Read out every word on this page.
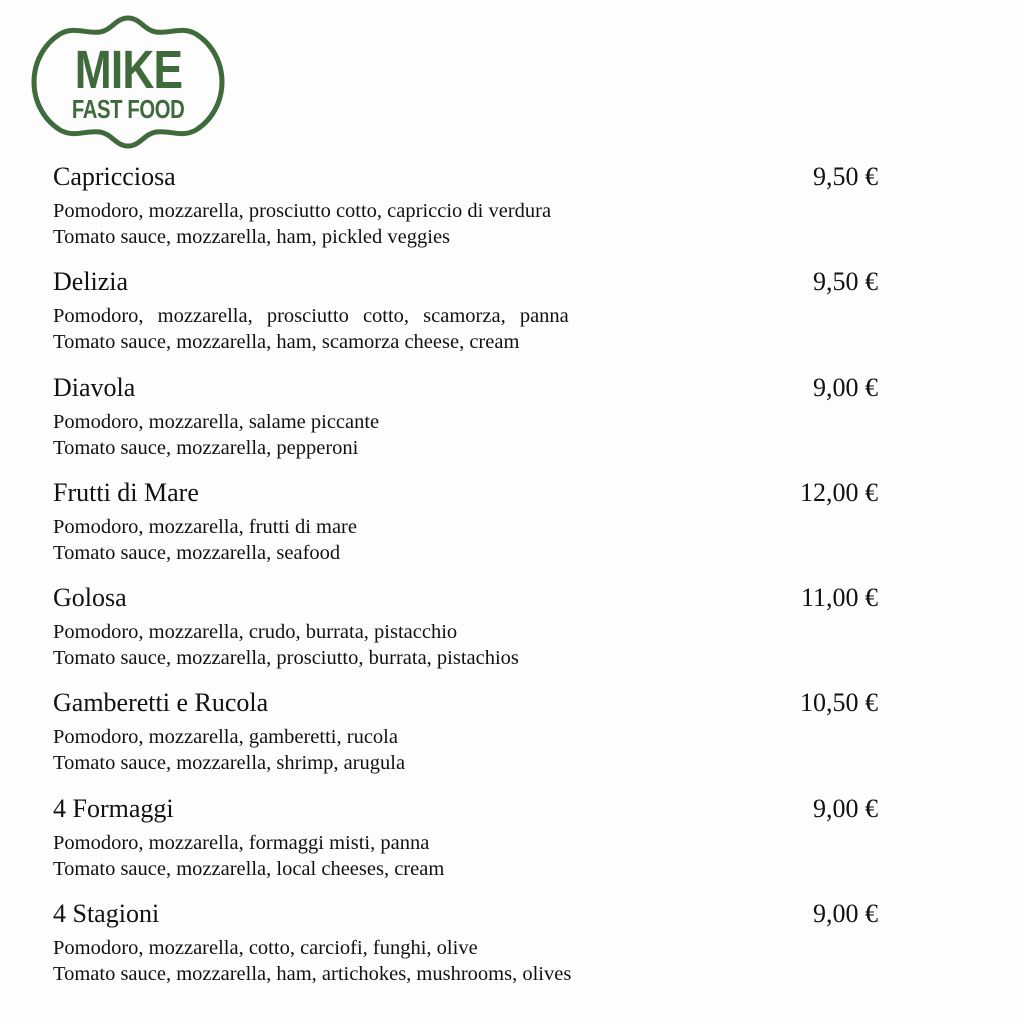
MIKE
FAST FOOD
Capricciosa	9,50 €
Pomodoro, mozzarella, prosciutto cotto, capriccio di verdura
Tomato sauce, mozzarella, ham, pickled veggies
Delizia	9,50 €
Pomodoro, mozzarella, prosciutto cotto, scamorza, panna
Tomato sauce, mozzarella, ham, scamorza cheese, cream
Diavola	9,00 €
Pomodoro, mozzarella, salame piccante
Tomato sauce, mozzarella, pepperoni
Frutti di Mare	12,00 €
Pomodoro, mozzarella, frutti di mare
Tomato sauce, mozzarella, seafood
Golosa	11,00 €
Pomodoro, mozzarella, crudo, burrata, pistacchio
Tomato sauce, mozzarella, prosciutto, burrata, pistachios
Gamberetti e Rucola	10,50 €
Pomodoro, mozzarella, gamberetti, rucola
Tomato sauce, mozzarella, shrimp, arugula
4 Formaggi	9,00 €
Pomodoro, mozzarella, formaggi misti, panna
Tomato sauce, mozzarella, local cheeses, cream
4 Stagioni	9,00 €
Pomodoro, mozzarella, cotto, carciofi, funghi, olive
Tomato sauce, mozzarella, ham, artichokes, mushrooms, olives
